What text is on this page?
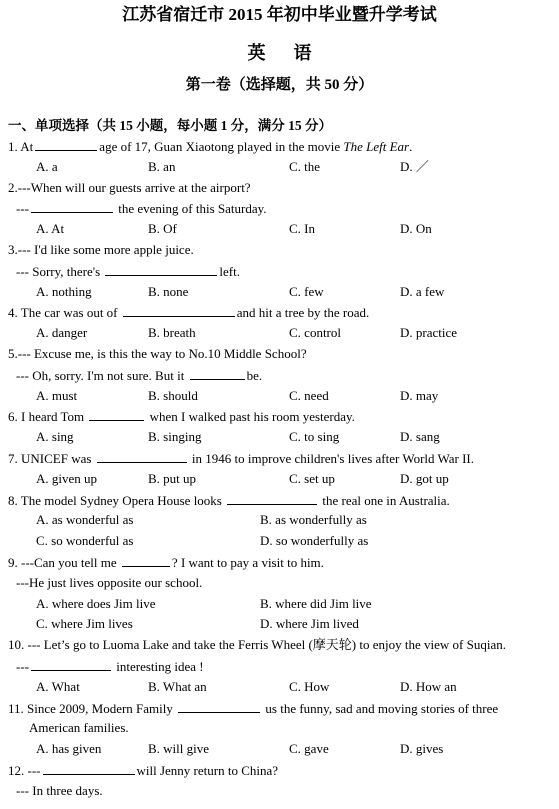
江苏省宿迁市 2015 年初中毕业暨升学考试
英语
第一卷（选择题，共 50 分）
一、单项选择（共 15 小题，每小题 1 分，满分 15 分）
1. At	age of 17, Guan Xiaotong played in the movie The Left Ear.
A. a	B. an	C. the	D. ／
2.---When will our guests arrive at the airport?
---	the evening of this Saturday.
A. At	B. Of	C. In	D. On
3.--- I'd like some more apple juice.
--- Sorry, there's	left.
A. nothing	B. none	C. few	D. a few
4. The car was out of	and hit a tree by the road.
A. danger	B. breath	C. control	D. practice
5.--- Excuse me, is this the way to No.10 Middle School?
--- Oh, sorry. I'm not sure. But it	be.
A. must	B. should	C. need	D. may
6. I heard Tom	when I walked past his room yesterday.
A. sing	B. singing	C. to sing	D. sang
7. UNICEF was	in 1946 to improve children's lives after World War II.
A. given up	B. put up	C. set up	D. got up
8. The model Sydney Opera House looks	the real one in Australia.
A. as wonderful as	B. as wonderfully as
C. so wonderful as	D. so wonderfully as
9. ---Can you tell me	? I want to pay a visit to him.
---He just lives opposite our school.
A. where does Jim live	B. where did Jim live
C. where Jim lives	D. where Jim lived
10. --- Let’s go to Luoma Lake and take the Ferris Wheel (摩天轮) to enjoy the view of Suqian.
---	interesting idea !
A. What	B. What an	C. How	D. How an
11. Since 2009, Modern Family	us the funny, sad and moving stories of three
American families.
A. has given	B. will give	C. gave	D. gives
12. ---	will Jenny return to China?
--- In three days.
